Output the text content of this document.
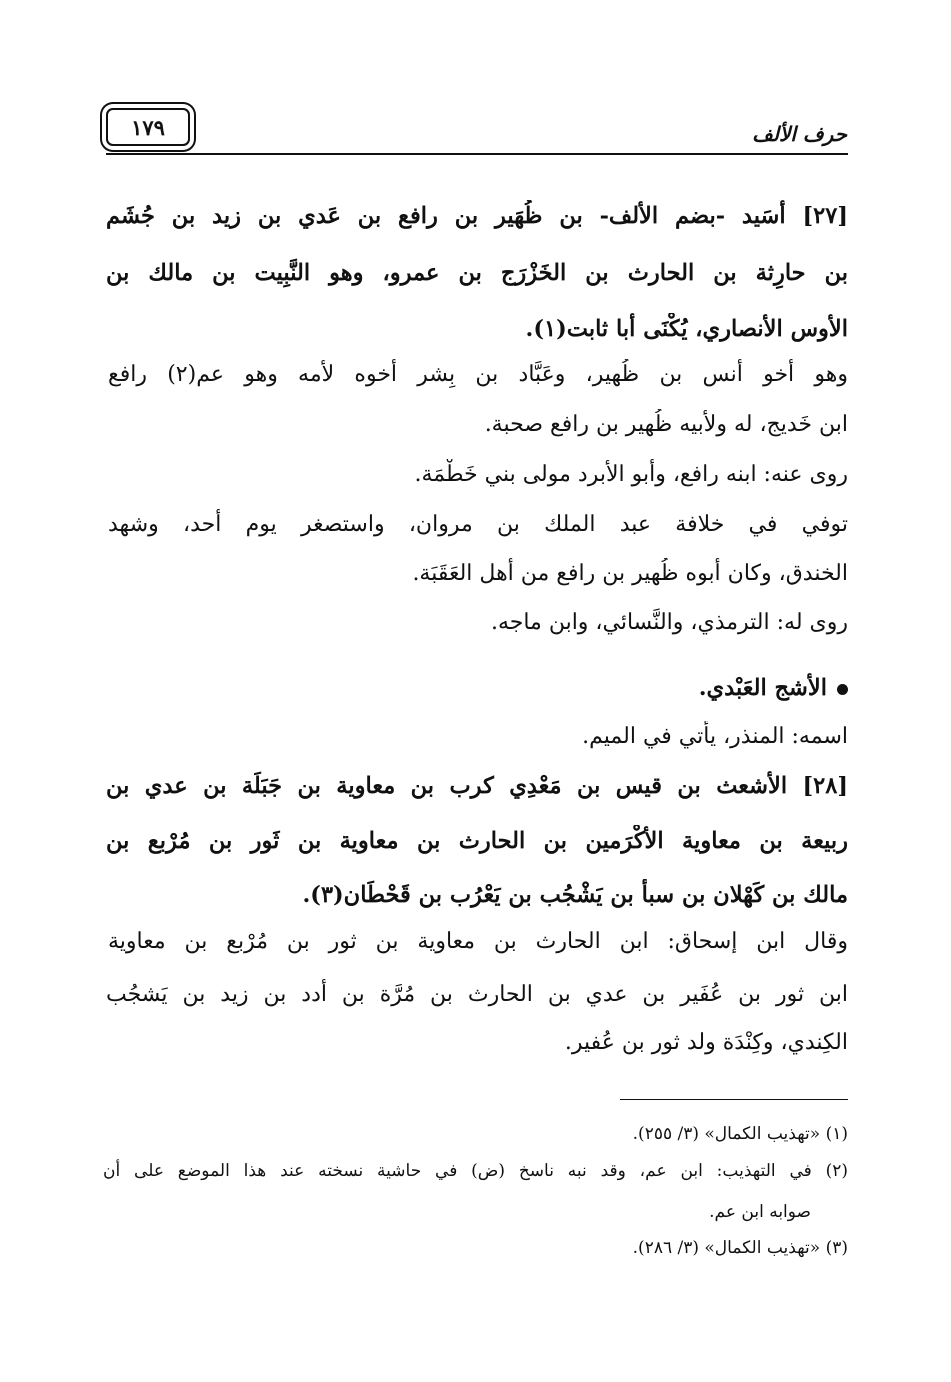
حرف الألف
١٧٩
[٢٧] أُسَيد -بضم الألف- بن ظُهَير بن رافع بن عَدي بن زيد بن جُشَم
بن حارِثة بن الحارث بن الخَزْرَج بن عمرو، وهو النَّبِيت بن مالك بن
الأوس الأنصاري، يُكْنَى أبا ثابت(١).
وهو أخو أنس بن ظُهير، وعَبَّاد بن بِشر أخوه لأمه وهو عم(٢) رافع
ابن خَديج، له ولأبيه ظُهير بن رافع صحبة.
روى عنه: ابنه رافع، وأبو الأبرد مولى بني خَطْمَة.
توفي في خلافة عبد الملك بن مروان، واستصغر يوم أحد، وشهد
الخندق، وكان أبوه ظُهير بن رافع من أهل العَقَبَة.
روى له: الترمذي، والنَّسائي، وابن ماجه.
الأشج العَبْدي.
اسمه: المنذر، يأتي في الميم.
[٢٨] الأشعث بن قيس بن مَعْدِي كرب بن معاوية بن جَبَلَة بن عدي بن
ربيعة بن معاوية الأكْرَمين بن الحارث بن معاوية بن ثَور بن مُرْبع بن
مالك بن كَهْلان بن سبأ بن يَشْجُب بن يَعْرُب بن قَحْطَان(٣).
وقال ابن إسحاق: ابن الحارث بن معاوية بن ثور بن مُرْبع بن معاوية
ابن ثور بن عُفَير بن عدي بن الحارث بن مُرَّة بن أُدد بن زيد بن يَشجُب
الكِندي، وكِنْدَة ولد ثور بن عُفير.
(١) «تهذيب الكمال» (٣/ ٢٥٥).
(٢) في التهذيب: ابن عم، وقد نبه ناسخ (ض) في حاشية نسخته عند هذا الموضع على أن
صوابه ابن عم.
(٣) «تهذيب الكمال» (٣/ ٢٨٦).
